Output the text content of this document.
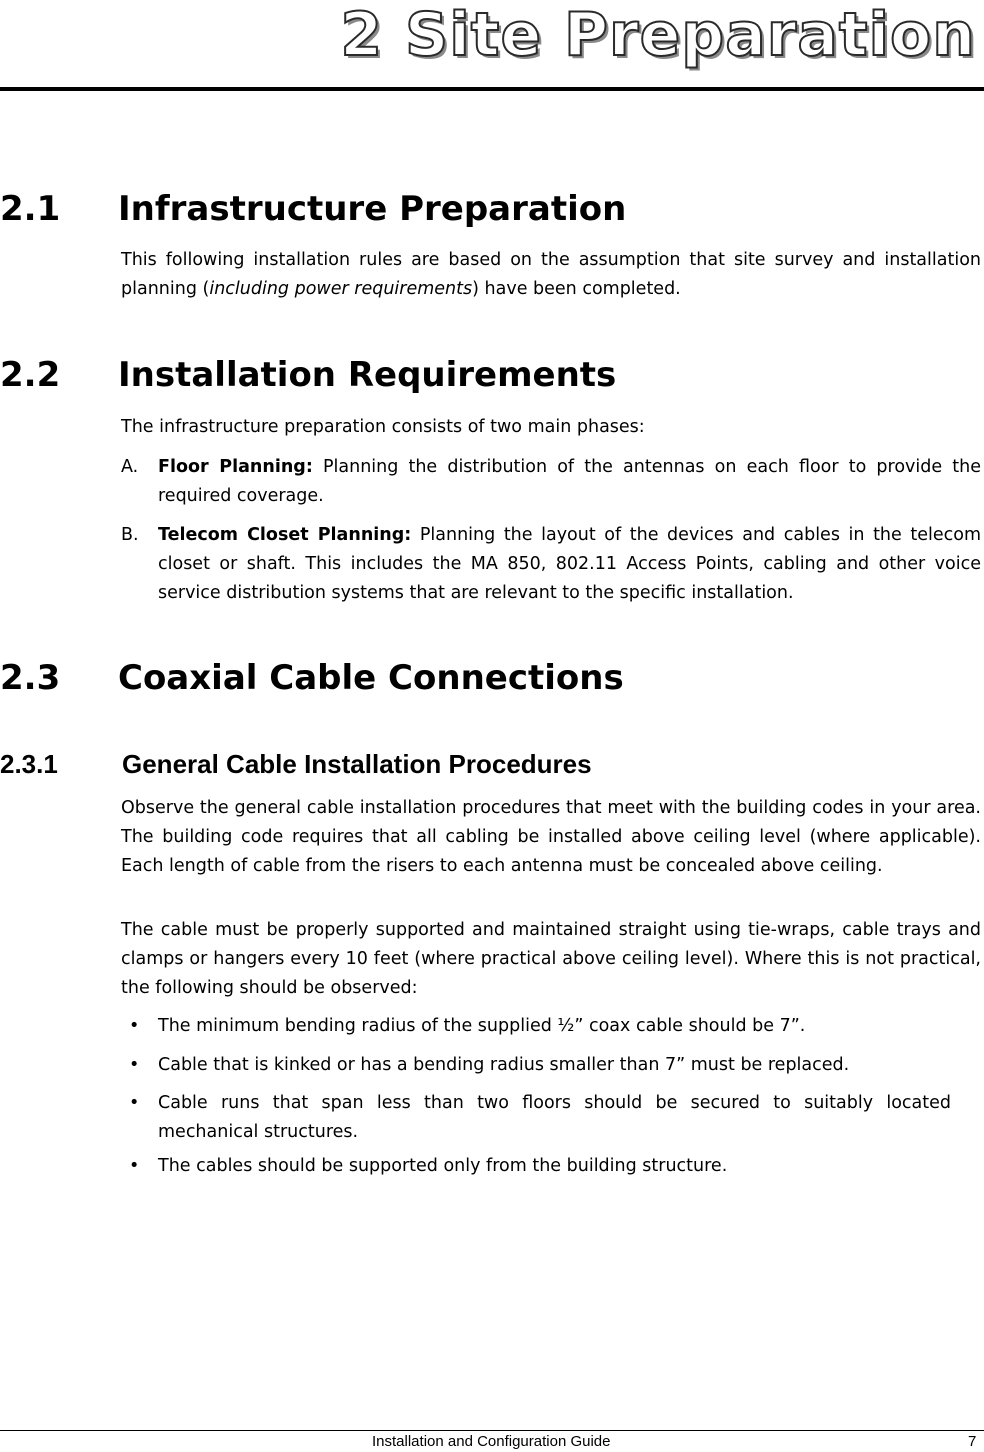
2 Site Preparation
2.1 Infrastructure Preparation

This following installation rules are based on the assumption that site survey and installation planning (including power requirements) have been completed.

2.2 Installation Requirements

The infrastructure preparation consists of two main phases:

A. Floor Planning: Planning the distribution of the antennas on each floor to provide the required coverage.
B. Telecom Closet Planning: Planning the layout of the devices and cables in the telecom closet or shaft. This includes the MA 850, 802.11 Access Points, cabling and other voice service distribution systems that are relevant to the specific installation.
2.3 Coaxial Cable Connections
2.3.1 General Cable Installation Procedures

Observe the general cable installation procedures that meet with the building codes in your area. The building code requires that all cabling be installed above ceiling level (where applicable). Each length of cable from the risers to each antenna must be concealed above ceiling.

The cable must be properly supported and maintained straight using tie-wraps, cable trays and clamps or hangers every 10 feet (where practical above ceiling level). Where this is not practical, the following should be observed:

• The minimum bending radius of the supplied ½” coax cable should be 7”.
• Cable that is kinked or has a bending radius smaller than 7” must be replaced.
• Cable runs that span less than two floors should be secured to suitably located mechanical structures.
• The cables should be supported only from the building structure.
Installation and Configuration Guide	7
